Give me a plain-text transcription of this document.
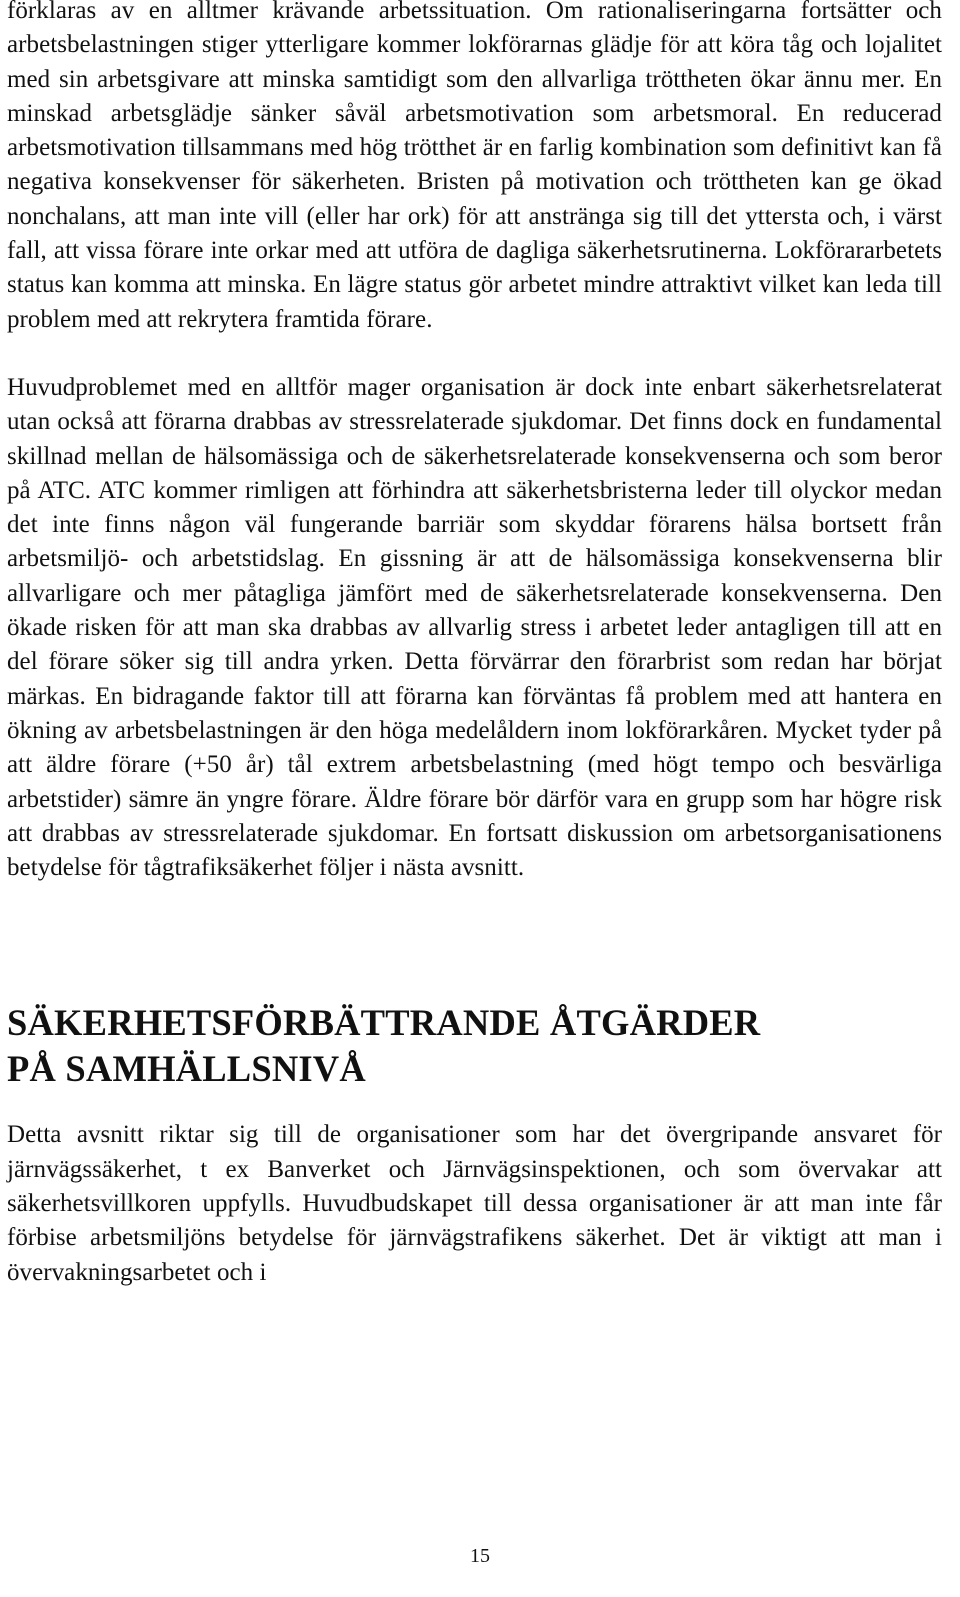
förklaras av en alltmer krävande arbetssituation. Om rationaliseringarna fortsätter och arbetsbelastningen stiger ytterligare kommer lokförarnas glädje för att köra tåg och lojalitet med sin arbetsgivare att minska samtidigt som den allvarliga tröttheten ökar ännu mer. En minskad arbetsglädje sänker såväl arbetsmotivation som arbetsmoral. En reducerad arbetsmotivation tillsammans med hög trötthet är en farlig kombination som definitivt kan få negativa konsekvenser för säkerheten. Bristen på motivation och tröttheten kan ge ökad nonchalans, att man inte vill (eller har ork) för att anstränga sig till det yttersta och, i värst fall, att vissa förare inte orkar med att utföra de dagliga säkerhetsrutinerna. Lokförararbetets status kan komma att minska. En lägre status gör arbetet mindre attraktivt vilket kan leda till problem med att rekrytera framtida förare.

Huvudproblemet med en alltför mager organisation är dock inte enbart säkerhetsrelaterat utan också att förarna drabbas av stressrelaterade sjukdomar. Det finns dock en fundamental skillnad mellan de hälsomässiga och de säkerhetsrelaterade konsekvenserna och som beror på ATC. ATC kommer rimligen att förhindra att säkerhetsbristerna leder till olyckor medan det inte finns någon väl fungerande barriär som skyddar förarens hälsa bortsett från arbetsmiljö- och arbetstidslag. En gissning är att de hälsomässiga konsekvenserna blir allvarligare och mer påtagliga jämfört med de säkerhetsrelaterade konsekvenserna. Den ökade risken för att man ska drabbas av allvarlig stress i arbetet leder antagligen till att en del förare söker sig till andra yrken. Detta förvärrar den förarbrist som redan har börjat märkas. En bidragande faktor till att förarna kan förväntas få problem med att hantera en ökning av arbetsbelastningen är den höga medelåldern inom lokförarkåren. Mycket tyder på att äldre förare (+50 år) tål extrem arbetsbelastning (med högt tempo och besvärliga arbetstider) sämre än yngre förare. Äldre förare bör därför vara en grupp som har högre risk att drabbas av stressrelaterade sjukdomar. En fortsatt diskussion om arbetsorganisationens betydelse för tågtrafiksäkerhet följer i nästa avsnitt.

SÄKERHETSFÖRBÄTTRANDE ÅTGÄRDER
PÅ SAMHÄLLSNIVÅ

Detta avsnitt riktar sig till de organisationer som har det övergripande ansvaret för järnvägssäkerhet, t ex Banverket och Järnvägsinspektionen, och som övervakar att säkerhetsvillkoren uppfylls. Huvudbudskapet till dessa organisationer är att man inte får förbise arbetsmiljöns betydelse för järnvägstrafikens säkerhet. Det är viktigt att man i övervakningsarbetet och i

15
